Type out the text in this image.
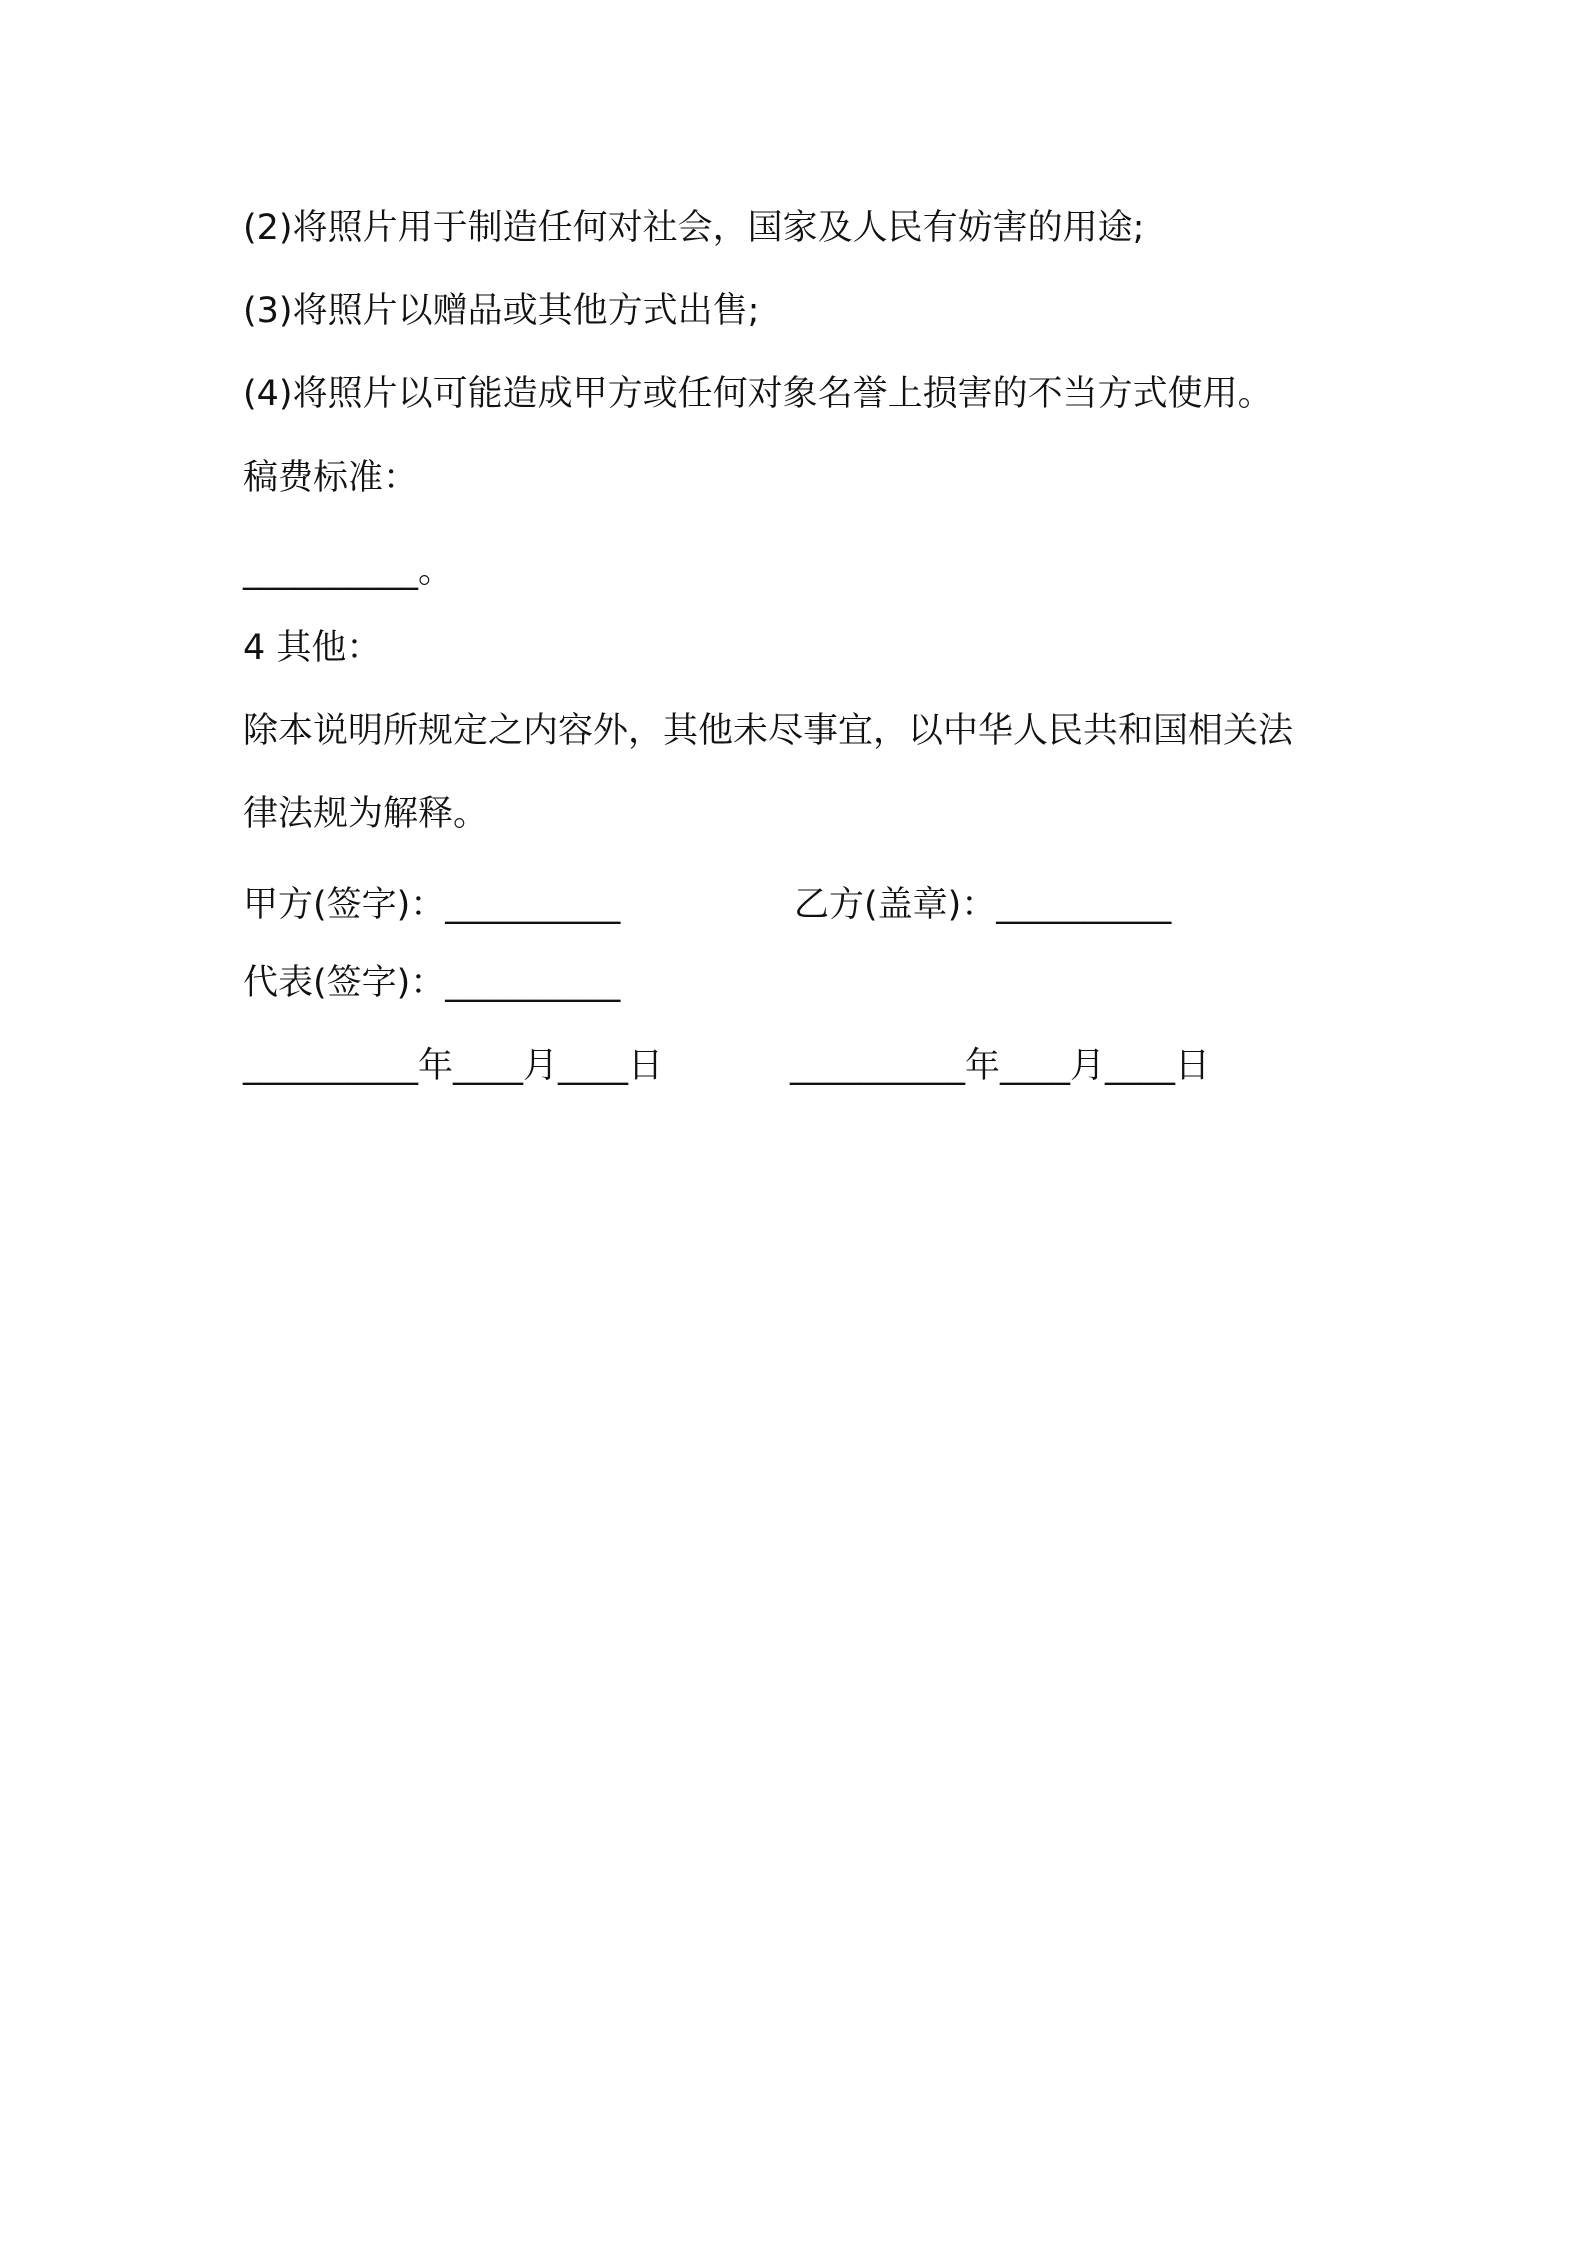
(2)将照片用于制造任何对社会，国家及人民有妨害的用途;
(3)将照片以赠品或其他方式出售;
(4)将照片以可能造成甲方或任何对象名誉上损害的不当方式使用。
稿费标准：
__________。
4 其他：
除本说明所规定之内容外，其他未尽事宜，以中华人民共和国相关法
律法规为解释。
甲方(签字)：__________	乙方(盖章)：__________
代表(签字)：__________
__________年____月____日	__________年____月____日
